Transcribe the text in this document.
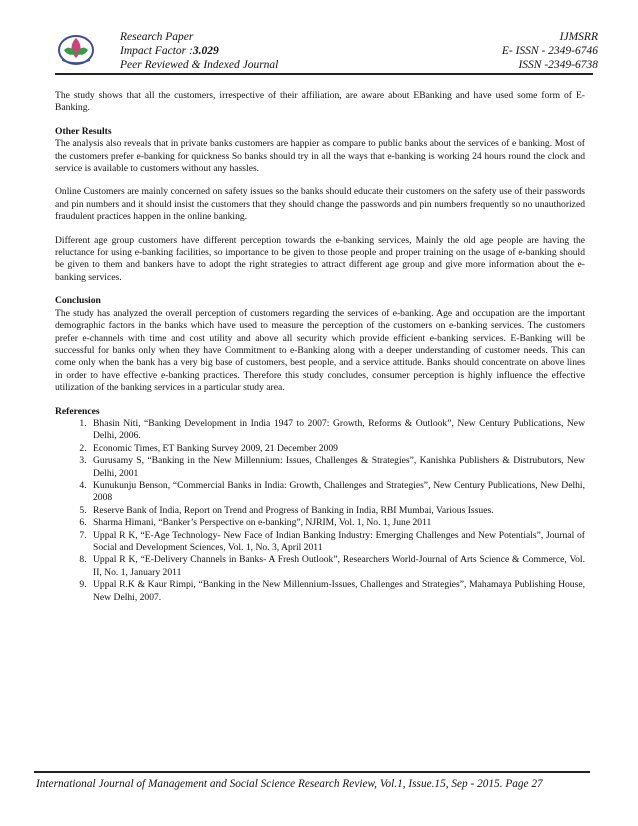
Research Paper
Impact Factor :3.029
Peer Reviewed & Indexed Journal
IJMSRR
E- ISSN - 2349-6746
ISSN -2349-6738

The study shows that all the customers, irrespective of their affiliation, are aware about EBanking and have used some form of E-Banking.

Other Results

The analysis also reveals that in private banks customers are happier as compare to public banks about the services of e banking. Most of the customers prefer e-banking for quickness So banks should try in all the ways that e-banking is working 24 hours round the clock and service is available to customers without any hassles.

Online Customers are mainly concerned on safety issues so the banks should educate their customers on the safety use of their passwords and pin numbers and it should insist the customers that they should change the passwords and pin numbers frequently so no unauthorized fraudulent practices happen in the online banking.

Different age group customers have different perception towards the e-banking services, Mainly the old age people are having the reluctance for using e-banking facilities, so importance to be given to those people and proper training on the usage of e-banking should be given to them and bankers have to adopt the right strategies to attract different age group and give more information about the e- banking services.

Conclusion

The study has analyzed the overall perception of customers regarding the services of e-banking. Age and occupation are the important demographic factors in the banks which have used to measure the perception of the customers on e-banking services. The customers prefer e-channels with time and cost utility and above all security which provide efficient e-banking services. E-Banking will be successful for banks only when they have Commitment to e-Banking along with a deeper understanding of customer needs. This can come only when the bank has a very big base of customers, best people, and a service attitude. Banks should concentrate on above lines in order to have effective e-banking practices. Therefore this study concludes, consumer perception is highly influence the effective utilization of the banking services in a particular study area.

References
1. Bhasin Niti, “Banking Development in India 1947 to 2007: Growth, Reforms & Outlook”, New Century Publications, New Delhi, 2006.
2. Economic Times, ET Banking Survey 2009, 21 December 2009
3. Gurusamy S, “Banking in the New Millennium: Issues, Challenges & Strategies”, Kanishka Publishers & Distrubutors, New Delhi, 2001
4. Kunukunju Benson, “Commercial Banks in India: Growth, Challenges and Strategies”, New Century Publications, New Delhi, 2008
5. Reserve Bank of India, Report on Trend and Progress of Banking in India, RBI Mumbai, Various Issues.
6. Sharma Himani, “Banker’s Perspective on e-banking”, NJRIM, Vol. 1, No. 1, June 2011
7. Uppal R K, “E-Age Technology- New Face of Indian Banking Industry: Emerging Challenges and New Potentials”, Journal of Social and Development Sciences, Vol. 1, No. 3, April 2011
8. Uppal R K, “E-Delivery Channels in Banks- A Fresh Outlook”, Researchers World-Journal of Arts Science & Commerce, Vol. II, No. 1, January 2011
9. Uppal R.K & Kaur Rimpi, “Banking in the New Millennium-Issues, Challenges and Strategies”, Mahamaya Publishing House, New Delhi, 2007.
International Journal of Management and Social Science Research Review, Vol.1, Issue.15, Sep - 2015. Page 27
